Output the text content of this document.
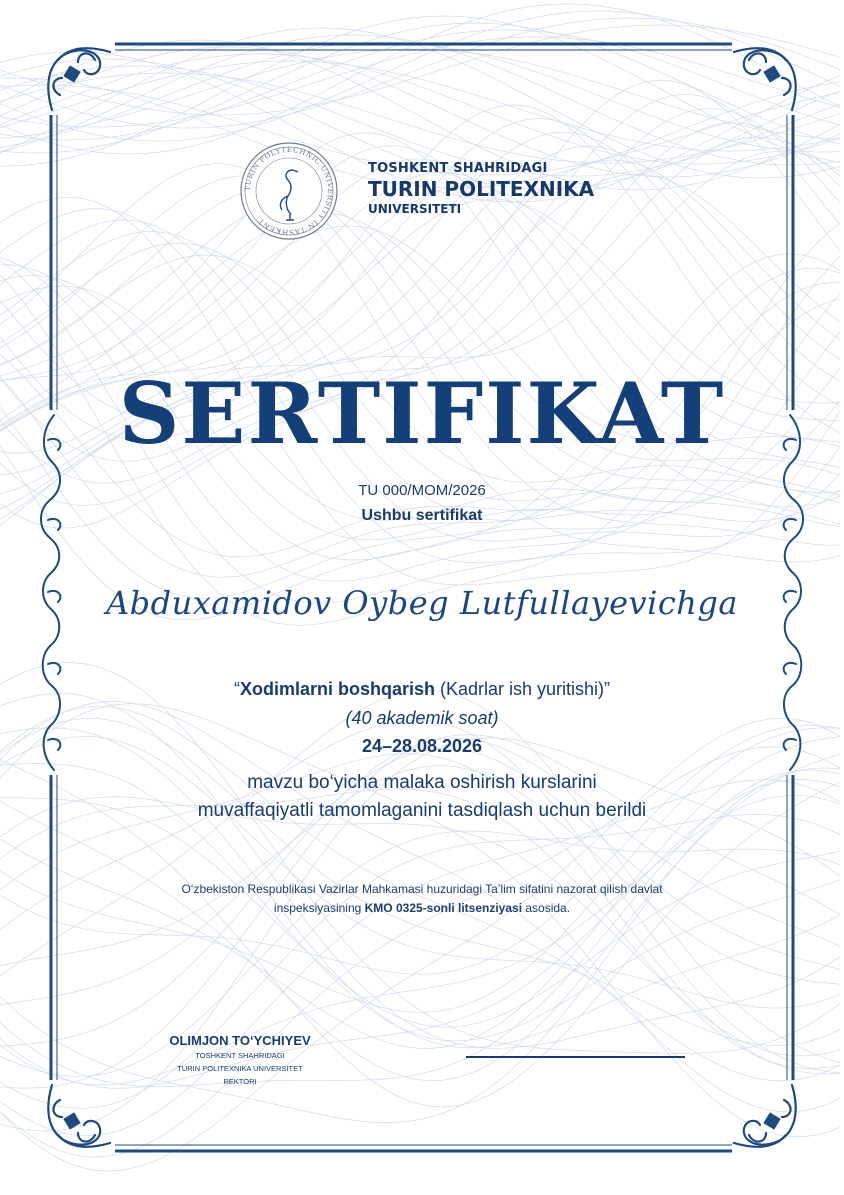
TURIN POLYTECHNIC UNIVERSITY IN TASHKENT
TOSHKENT SHAHRIDAGI
TURIN POLITEXNIKA
UNIVERSITETI
SERTIFIKAT
TU 000/MOM/2026
Ushbu sertifikat
Abduxamidov Oybeg Lutfullayevichga
“Xodimlarni boshqarish (Kadrlar ish yuritishi)”
(40 akademik soat)
24–28.08.2026
mavzu bo‘yicha malaka oshirish kurslarini
muvaffaqiyatli tamomlaganini tasdiqlash uchun berildi
O‘zbekiston Respublikasi Vazirlar Mahkamasi huzuridagi Ta’lim sifatini nazorat qilish davlat
inspeksiyasining KMO 0325-sonli litsenziyasi asosida.
OLIMJON TO‘YCHIYEV
TOSHKENT SHAHRIDAGI
TURIN POLITEXNIKA UNIVERSITET
REKTORI
